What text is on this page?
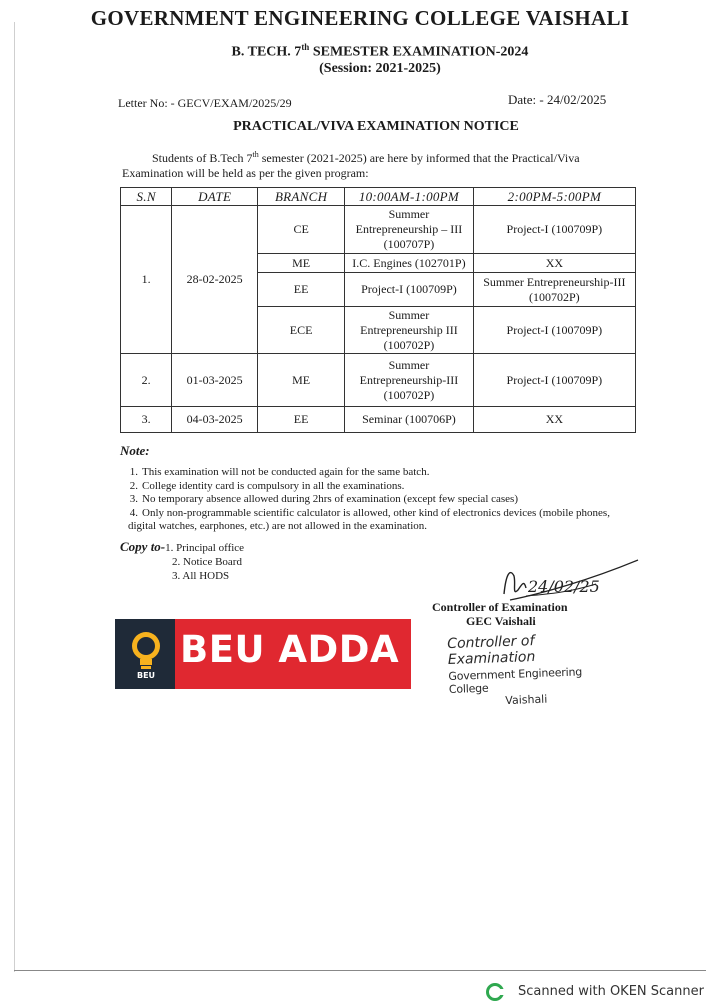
GOVERNMENT ENGINEERING COLLEGE VAISHALI
B. TECH. 7th SEMESTER EXAMINATION-2024
(Session: 2021-2025)
Letter No: - GECV/EXAM/2025/29	Date: - 24/02/2025
PRACTICAL/VIVA EXAMINATION NOTICE
Students of B.Tech 7th semester (2021-2025) are here by informed that the Practical/Viva
Examination will be held as per the given program:
S.N	DATE	BRANCH	10:00AM-1:00PM	2:00PM-5:00PM
1.	28-02-2025	CE	Summer Entrepreneurship – III (100707P)	Project-I (100709P)
		ME	I.C. Engines (102701P)	XX
		EE	Project-I (100709P)	Summer Entrepreneurship-III (100702P)
		ECE	Summer Entrepreneurship III (100702P)	Project-I (100709P)
2.	01-03-2025	ME	Summer Entrepreneurship-III (100702P)	Project-I (100709P)
3.	04-03-2025	EE	Seminar (100706P)	XX
Note:
1. This examination will not be conducted again for the same batch.
2. College identity card is compulsory in all the examinations.
3. No temporary absence allowed during 2hrs of examination (except few special cases)
4. Only non-programmable scientific calculator is allowed, other kind of electronics devices (mobile phones, digital watches, earphones, etc.) are not allowed in the examination.
Copy to-1. Principal office
2. Notice Board
3. All HODS
24/02/25
Controller of Examination
GEC Vaishali
Controller of Examination
Government Engineering College
Vaishali
BEU
BEU ADDA
Scanned with OKEN Scanner
